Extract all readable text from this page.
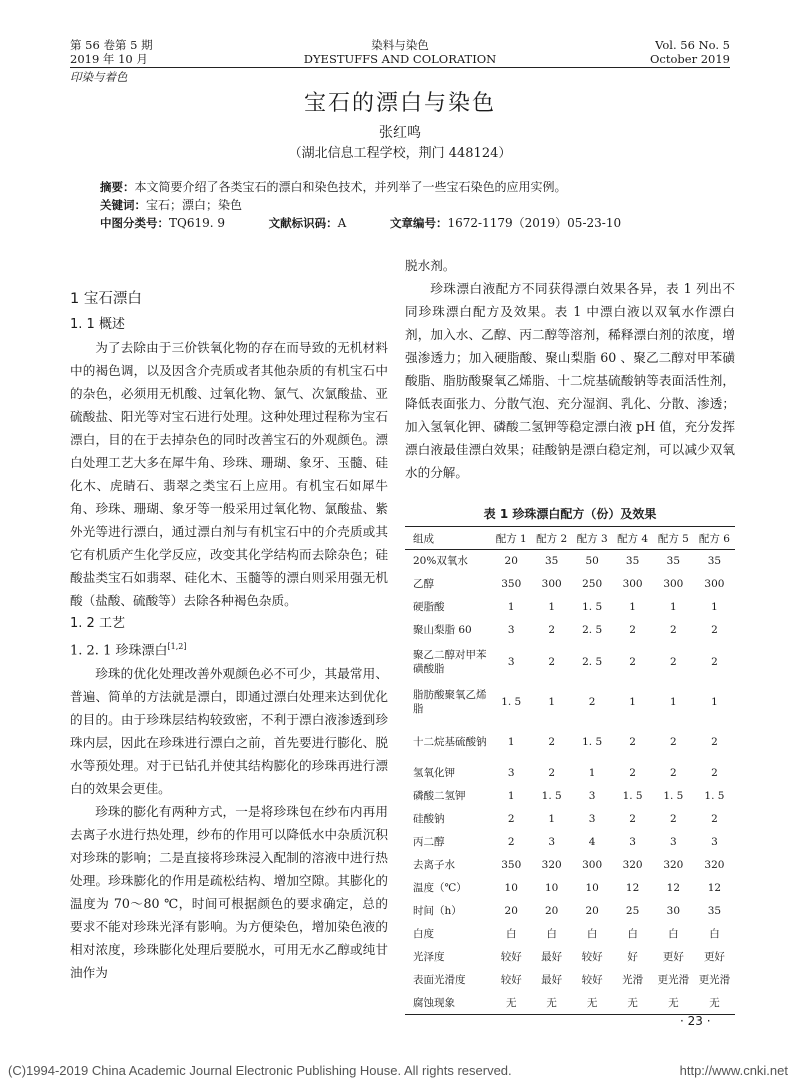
第 56 卷第 5 期
2019 年 10 月
染料与染色
DYESTUFFS AND COLORATION
Vol. 56 No. 5
October 2019
印染与着色
宝石的漂白与染色
张红鸣
（湖北信息工程学校，荆门 448124）
摘要：本文简要介绍了各类宝石的漂白和染色技术，并列举了一些宝石染色的应用实例。
关键词：宝石；漂白；染色
中图分类号：TQ619. 9	文献标识码：A	文章编号：1672-1179（2019）05-23-10
1 宝石漂白
1. 1 概述

为了去除由于三价铁氧化物的存在而导致的无机材料中的褐色调，以及因含介壳质或者其他杂质的有机宝石中的杂色，必须用无机酸、过氧化物、氯气、次氯酸盐、亚硫酸盐、阳光等对宝石进行处理。这种处理过程称为宝石漂白，目的在于去掉杂色的同时改善宝石的外观颜色。漂白处理工艺大多在犀牛角、珍珠、珊瑚、象牙、玉髓、硅化木、虎睛石、翡翠之类宝石上应用。有机宝石如犀牛角、珍珠、珊瑚、象牙等一般采用过氧化物、氯酸盐、紫外光等进行漂白，通过漂白剂与有机宝石中的介壳质或其它有机质产生化学反应，改变其化学结构而去除杂色；硅酸盐类宝石如翡翠、硅化木、玉髓等的漂白则采用强无机酸（盐酸、硫酸等）去除各种褐色杂质。

1. 2 工艺
1. 2. 1 珍珠漂白[1,2]

珍珠的优化处理改善外观颜色必不可少，其最常用、普遍、简单的方法就是漂白，即通过漂白处理来达到优化的目的。由于珍珠层结构较致密，不利于漂白液渗透到珍珠内层，因此在珍珠进行漂白之前，首先要进行膨化、脱水等预处理。对于已钻孔并使其结构膨化的珍珠再进行漂白的效果会更佳。

珍珠的膨化有两种方式，一是将珍珠包在纱布内再用去离子水进行热处理，纱布的作用可以降低水中杂质沉积对珍珠的影响；二是直接将珍珠浸入配制的溶液中进行热处理。珍珠膨化的作用是疏松结构、增加空隙。其膨化的温度为 70～80 ℃，时间可根据颜色的要求确定，总的要求不能对珍珠光泽有影响。为方便染色，增加染色液的相对浓度，珍珠膨化处理后要脱水，可用无水乙醇或纯甘油作为

脱水剂。

珍珠漂白液配方不同获得漂白效果各异，表 1 列出不同珍珠漂白配方及效果。表 1 中漂白液以双氧水作漂白剂，加入水、乙醇、丙二醇等溶剂，稀释漂白剂的浓度，增强渗透力；加入硬脂酸、聚山梨脂 60 、聚乙二醇对甲苯磺酸脂、脂肪酸聚氧乙烯脂、十二烷基硫酸钠等表面活性剂，降低表面张力、分散气泡、充分湿润、乳化、分散、渗透；加入氢氧化钾、磷酸二氢钾等稳定漂白液 pH 值，充分发挥漂白液最佳漂白效果；硅酸钠是漂白稳定剂，可以减少双氧水的分解。

表 1 珍珠漂白配方（份）及效果
组成	配方 1	配方 2	配方 3	配方 4	配方 5	配方 6
20%双氧水	20	35	50	35	35	35
乙醇	350	300	250	300	300	300
硬脂酸	1	1	1. 5	1	1	1
聚山梨脂 60	3	2	2. 5	2	2	2
聚乙二醇对甲苯磺酸脂	3	2	2. 5	2	2	2
脂肪酸聚氧乙烯脂	1. 5	1	2	1	1	1
十二烷基硫酸钠	1	2	1. 5	2	2	2
氢氧化钾	3	2	1	2	2	2
磷酸二氢钾	1	1. 5	3	1. 5	1. 5	1. 5
硅酸钠	2	1	3	2	2	2
丙二醇	2	3	4	3	3	3
去离子水	350	320	300	320	320	320
温度（℃）	10	10	10	12	12	12
时间（h）	20	20	20	25	30	35
白度	白	白	白	白	白	白
光泽度	较好	最好	较好	好	更好	更好
表面光滑度	较好	最好	较好	光滑	更光滑	更光滑
腐蚀现象	无	无	无	无	无	无
· 23 ·
(C)1994-2019 China Academic Journal Electronic Publishing House. All rights reserved.	http://www.cnki.net
